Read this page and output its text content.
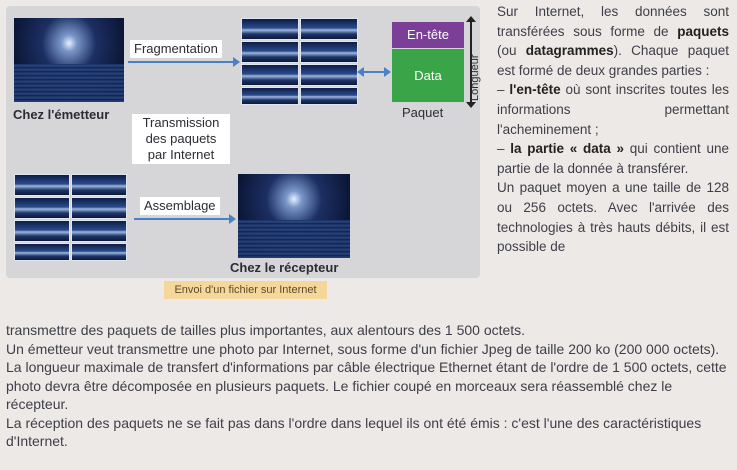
Chez l'émetteur
Fragmentation
En-tête
Data	Longueur
Paquet
Transmission
des paquets
par Internet
Assemblage
Chez le récepteur
Envoi d'un fichier sur Internet
Sur Internet, les données sont transférées sous forme de paquets (ou datagrammes). Chaque paquet est formé de deux grandes parties :
– l'en-tête où sont inscrites toutes les informations permettant l'acheminement ;
– la partie « data » qui contient une partie de la donnée à transférer.
Un paquet moyen a une taille de 128 ou 256 octets. Avec l'arrivée des technologies à très hauts débits, il est possible de

transmettre des paquets de tailles plus importantes, aux alentours des 1 500 octets.

Un émetteur veut transmettre une photo par Internet, sous forme d'un fichier Jpeg de taille 200 ko (200 000 octets). La longueur maximale de transfert d'informations par câble électrique Ethernet étant de l'ordre de 1 500 octets, cette photo devra être décomposée en plusieurs paquets. Le fichier coupé en morceaux sera réassemblé chez le récepteur.

La réception des paquets ne se fait pas dans l'ordre dans lequel ils ont été émis : c'est l'une des caractéristiques d'Internet.
